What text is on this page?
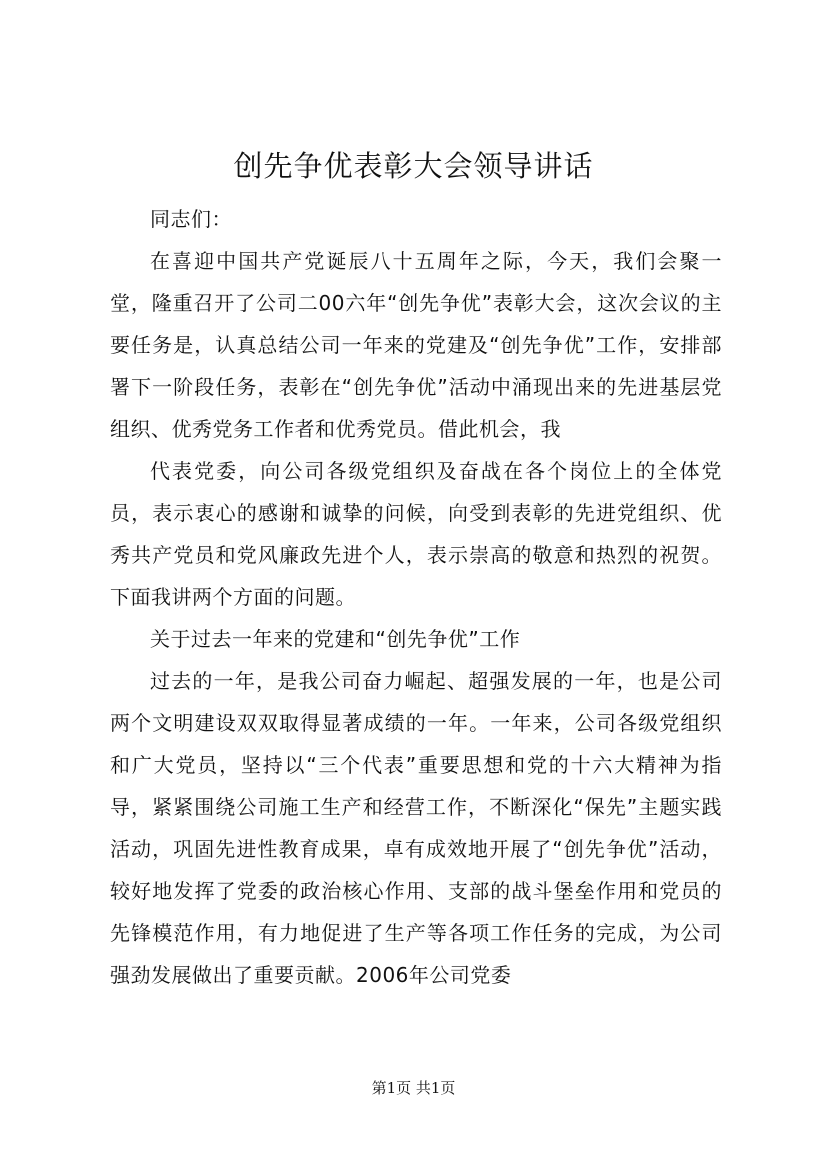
创先争优表彰大会领导讲话

同志们：

在喜迎中国共产党诞辰八十五周年之际，今天，我们会聚一堂，隆重召开了公司二00六年“创先争优”表彰大会，这次会议的主要任务是，认真总结公司一年来的党建及“创先争优”工作，安排部署下一阶段任务，表彰在“创先争优”活动中涌现出来的先进基层党组织、优秀党务工作者和优秀党员。借此机会，我

代表党委，向公司各级党组织及奋战在各个岗位上的全体党员，表示衷心的感谢和诚挚的问候，向受到表彰的先进党组织、优秀共产党员和党风廉政先进个人，表示崇高的敬意和热烈的祝贺。下面我讲两个方面的问题。

关于过去一年来的党建和“创先争优”工作

过去的一年，是我公司奋力崛起、超强发展的一年，也是公司两个文明建设双双取得显著成绩的一年。一年来，公司各级党组织和广大党员，坚持以“三个代表”重要思想和党的十六大精神为指导，紧紧围绕公司施工生产和经营工作，不断深化“保先”主题实践活动，巩固先进性教育成果，卓有成效地开展了“创先争优”活动，较好地发挥了党委的政治核心作用、支部的战斗堡垒作用和党员的先锋模范作用，有力地促进了生产等各项工作任务的完成，为公司强劲发展做出了重要贡献。2006年公司党委

第1页 共1页
